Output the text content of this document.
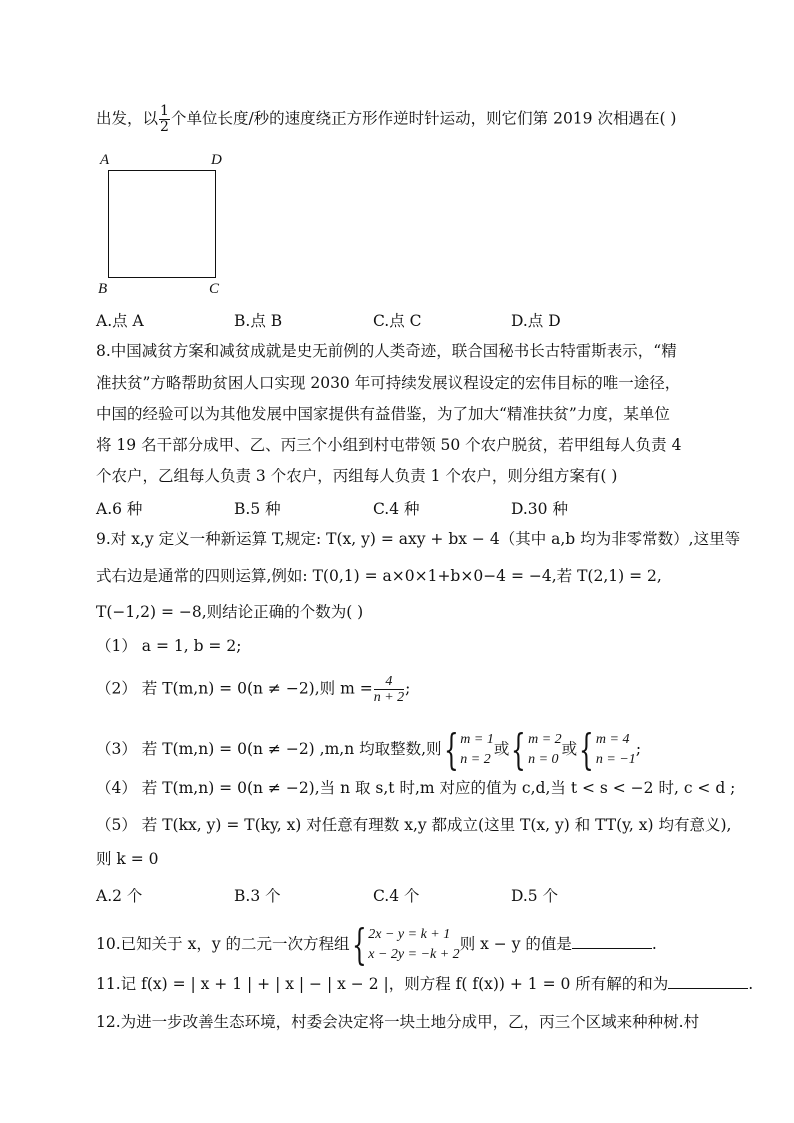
出发，以 $\frac{1}{2}$ 个单位长度/秒的速度绕正方形作逆时针运动，则它们第 2019 次相遇在( )
A	D
B	C
A.点 A	B.点 B	C.点 C	D.点 D
8.中国减贫方案和减贫成就是史无前例的人类奇迹，联合国秘书长古特雷斯表示，“精
准扶贫”方略帮助贫困人口实现 2030 年可持续发展议程设定的宏伟目标的唯一途径，
中国的经验可以为其他发展中国家提供有益借鉴，为了加大“精准扶贫”力度，某单位
将 19 名干部分成甲、乙、丙三个小组到村屯带领 50 个农户脱贫，若甲组每人负责 4
个农户，乙组每人负责 3 个农户，丙组每人负责 1 个农户，则分组方案有( )
A.6 种	B.5 种	C.4 种	D.30 种
9.对 x,y 定义一种新运算 T,规定: T(x, y) = axy + bx − 4（其中 a,b 均为非零常数）,这里等
式右边是通常的四则运算,例如: T(0,1) = a×0×1+b×0−4 = −4,若 T(2,1) = 2,
T(−1,2) = −8,则结论正确的个数为( )
（1） a = 1, b = 2;
（2） 若 T(m,n) = 0(n ≠ −2),则 $m = \frac{4}{n + 2}$ ;
（3） 若 T(m,n) = 0(n ≠ −2) ,m,n 均取整数,则{ m = 1
n = 2
或{ m = 2
n = 0
或{ m = 4
n = −1
;
（4） 若 T(m,n) = 0(n ≠ −2),当 n 取 s,t 时,m 对应的值为 c,d,当 t < s < −2 时, c < d ;
（5） 若 T(kx, y) = T(ky, x) 对任意有理数 x,y 都成立(这里 T(x, y) 和 TT(y, x) 均有意义),
则 k = 0
A.2 个	B.3 个	C.4 个	D.5 个
10.已知关于 x，y 的二元一次方程组{ 2x − y = k + 1
x − 2y = −k + 2
则 x − y 的值是	.
11.记 f(x) = | x + 1 | + | x | − | x − 2 |，则方程 f( f(x)) + 1 = 0 所有解的和为	.
12.为进一步改善生态环境，村委会决定将一块土地分成甲，乙，丙三个区域来种种树.村
